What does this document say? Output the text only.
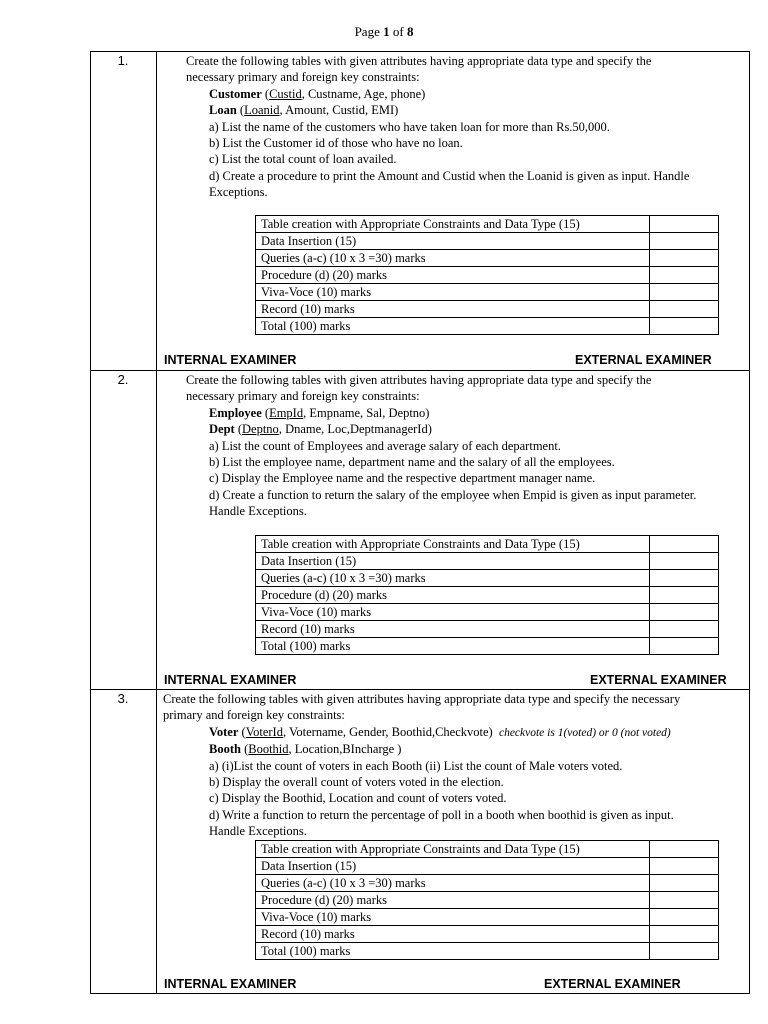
Page 1 of 8
1.	Create the following tables with given attributes having appropriate data type and specify the
necessary primary and foreign key constraints:
Customer (Custid, Custname, Age, phone)
Loan (Loanid, Amount, Custid, EMI)
a) List the name of the customers who have taken loan for more than Rs.50,000.
b) List the Customer id of those who have no loan.
c) List the total count of loan availed.
d) Create a procedure to print the Amount and Custid when the Loanid is given as input. Handle
Exceptions.
Table creation with Appropriate Constraints and Data Type (15)	
Data Insertion (15)	
Queries (a-c) (10 x 3 =30) marks	
Procedure (d) (20) marks	
Viva-Voce (10) marks	
Record (10) marks	
Total (100) marks	
INTERNAL EXAMINER	EXTERNAL EXAMINER
2.	Create the following tables with given attributes having appropriate data type and specify the
necessary primary and foreign key constraints:
Employee (EmpId, Empname, Sal, Deptno)
Dept (Deptno, Dname, Loc,DeptmanagerId)
a) List the count of Employees and average salary of each department.
b) List the employee name, department name and the salary of all the employees.
c) Display the Employee name and the respective department manager name.
d) Create a function to return the salary of the employee when Empid is given as input parameter.
Handle Exceptions.
Table creation with Appropriate Constraints and Data Type (15)	
Data Insertion (15)	
Queries (a-c) (10 x 3 =30) marks	
Procedure (d) (20) marks	
Viva-Voce (10) marks	
Record (10) marks	
Total (100) marks	
INTERNAL EXAMINER	EXTERNAL EXAMINER
3.	Create the following tables with given attributes having appropriate data type and specify the necessary
primary and foreign key constraints:
Voter (VoterId, Votername, Gender, Boothid,Checkvote) checkvote is 1(voted) or 0 (not voted)
Booth (Boothid, Location,BIncharge )
a) (i)List the count of voters in each Booth (ii) List the count of Male voters voted.
b) Display the overall count of voters voted in the election.
c) Display the Boothid, Location and count of voters voted.
d) Write a function to return the percentage of poll in a booth when boothid is given as input.
Handle Exceptions.
Table creation with Appropriate Constraints and Data Type (15)	
Data Insertion (15)	
Queries (a-c) (10 x 3 =30) marks	
Procedure (d) (20) marks	
Viva-Voce (10) marks	
Record (10) marks	
Total (100) marks	
INTERNAL EXAMINER	EXTERNAL EXAMINER
